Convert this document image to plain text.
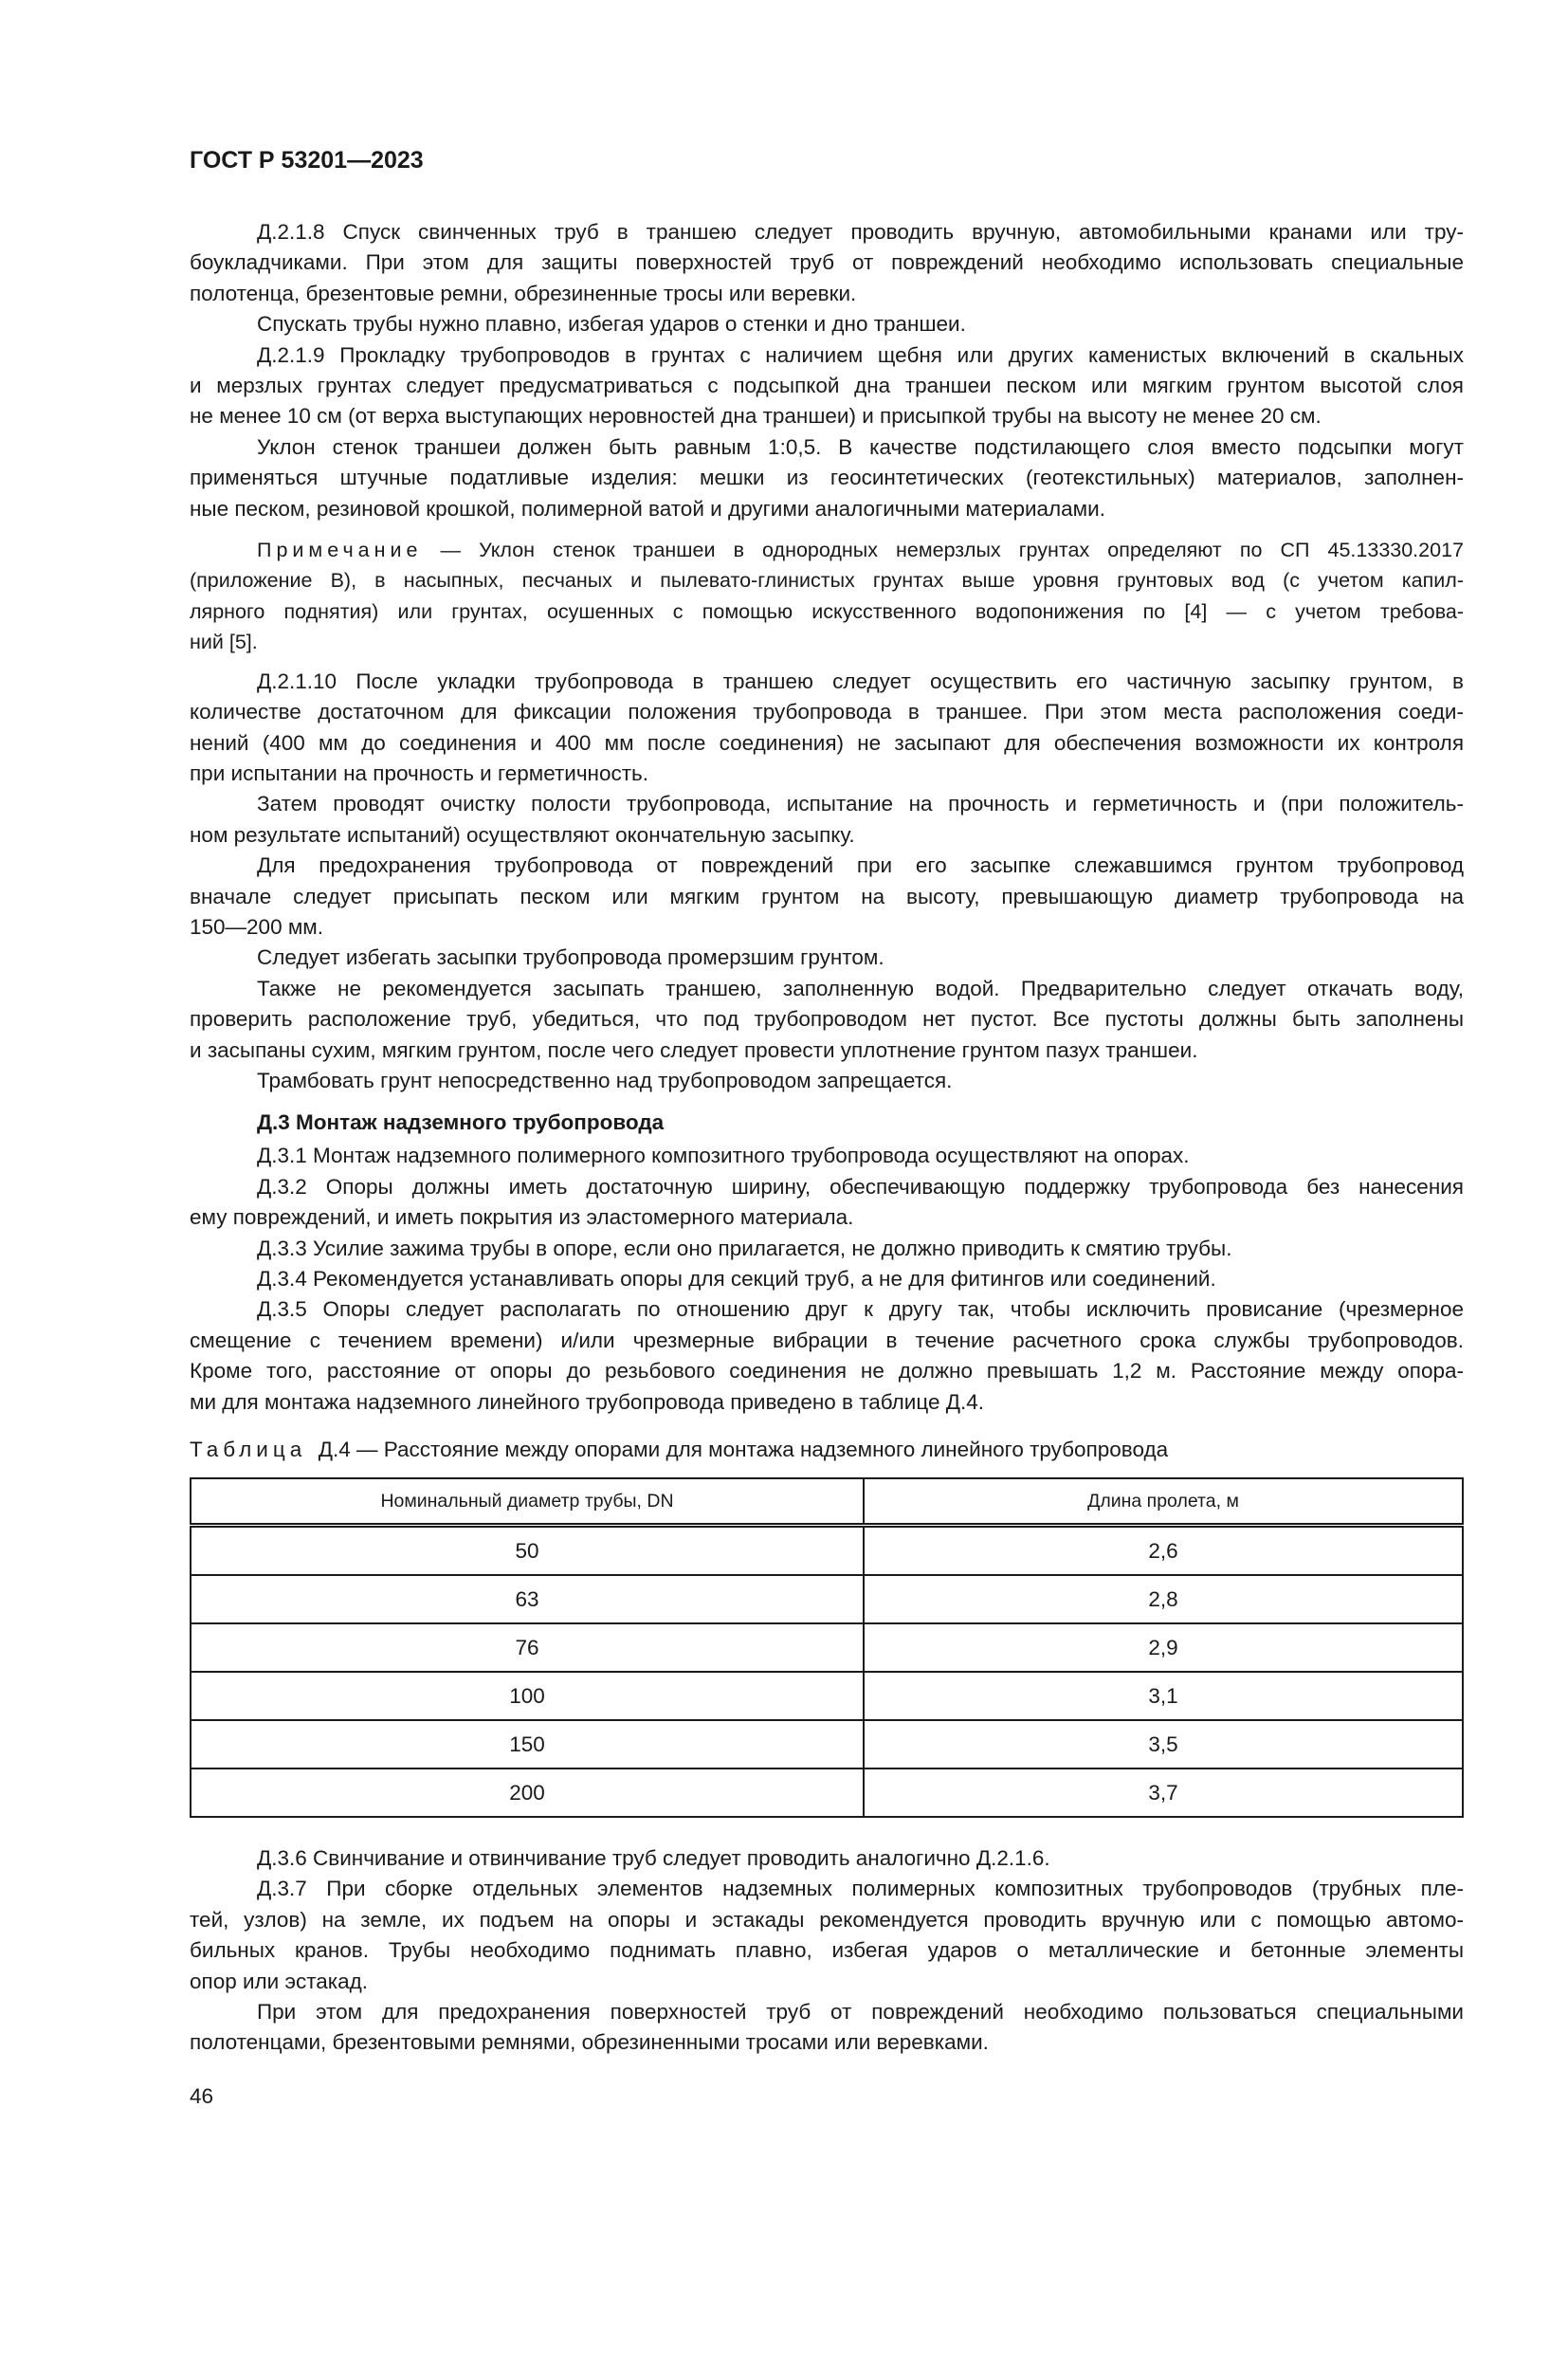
ГОСТ Р 53201—2023
Д.2.1.8 Спуск свинченных труб в траншею следует проводить вручную, автомобильными кранами или тру-
боукладчиками. При этом для защиты поверхностей труб от повреждений необходимо использовать специальные
полотенца, брезентовые ремни, обрезиненные тросы или веревки.
Спускать трубы нужно плавно, избегая ударов о стенки и дно траншеи.
Д.2.1.9 Прокладку трубопроводов в грунтах с наличием щебня или других каменистых включений в скальных
и мерзлых грунтах следует предусматриваться с подсыпкой дна траншеи песком или мягким грунтом высотой слоя
не менее 10 см (от верха выступающих неровностей дна траншеи) и присыпкой трубы на высоту не менее 20 см.
Уклон стенок траншеи должен быть равным 1:0,5. В качестве подстилающего слоя вместо подсыпки могут
применяться штучные податливые изделия: мешки из геосинтетических (геотекстильных) материалов, заполнен-
ные песком, резиновой крошкой, полимерной ватой и другими аналогичными материалами.
Примечание — Уклон стенок траншеи в однородных немерзлых грунтах определяют по СП 45.13330.2017
(приложение В), в насыпных, песчаных и пылевато-глинистых грунтах выше уровня грунтовых вод (с учетом капил-
лярного поднятия) или грунтах, осушенных с помощью искусственного водопонижения по [4] — с учетом требова-
ний [5].
Д.2.1.10 После укладки трубопровода в траншею следует осуществить его частичную засыпку грунтом, в
количестве достаточном для фиксации положения трубопровода в траншее. При этом места расположения соеди-
нений (400 мм до соединения и 400 мм после соединения) не засыпают для обеспечения возможности их контроля
при испытании на прочность и герметичность.
Затем проводят очистку полости трубопровода, испытание на прочность и герметичность и (при положитель-
ном результате испытаний) осуществляют окончательную засыпку.
Для предохранения трубопровода от повреждений при его засыпке слежавшимся грунтом трубопровод
вначале следует присыпать песком или мягким грунтом на высоту, превышающую диаметр трубопровода на
150—200 мм.
Следует избегать засыпки трубопровода промерзшим грунтом.
Также не рекомендуется засыпать траншею, заполненную водой. Предварительно следует откачать воду,
проверить расположение труб, убедиться, что под трубопроводом нет пустот. Все пустоты должны быть заполнены
и засыпаны сухим, мягким грунтом, после чего следует провести уплотнение грунтом пазух траншеи.
Трамбовать грунт непосредственно над трубопроводом запрещается.
Д.3 Монтаж надземного трубопровода
Д.3.1 Монтаж надземного полимерного композитного трубопровода осуществляют на опорах.
Д.3.2 Опоры должны иметь достаточную ширину, обеспечивающую поддержку трубопровода без нанесения
ему повреждений, и иметь покрытия из эластомерного материала.
Д.3.3 Усилие зажима трубы в опоре, если оно прилагается, не должно приводить к смятию трубы.
Д.3.4 Рекомендуется устанавливать опоры для секций труб, а не для фитингов или соединений.
Д.3.5 Опоры следует располагать по отношению друг к другу так, чтобы исключить провисание (чрезмерное
смещение с течением времени) и/или чрезмерные вибрации в течение расчетного срока службы трубопроводов.
Кроме того, расстояние от опоры до резьбового соединения не должно превышать 1,2 м. Расстояние между опора-
ми для монтажа надземного линейного трубопровода приведено в таблице Д.4.
Таблица Д.4 — Расстояние между опорами для монтажа надземного линейного трубопровода
Номинальный диаметр трубы, DN	Длина пролета, м
50	2,6
63	2,8
76	2,9
100	3,1
150	3,5
200	3,7
Д.3.6 Свинчивание и отвинчивание труб следует проводить аналогично Д.2.1.6.
Д.3.7 При сборке отдельных элементов надземных полимерных композитных трубопроводов (трубных пле-
тей, узлов) на земле, их подъем на опоры и эстакады рекомендуется проводить вручную или с помощью автомо-
бильных кранов. Трубы необходимо поднимать плавно, избегая ударов о металлические и бетонные элементы
опор или эстакад.
При этом для предохранения поверхностей труб от повреждений необходимо пользоваться специальными
полотенцами, брезентовыми ремнями, обрезиненными тросами или веревками.
46
